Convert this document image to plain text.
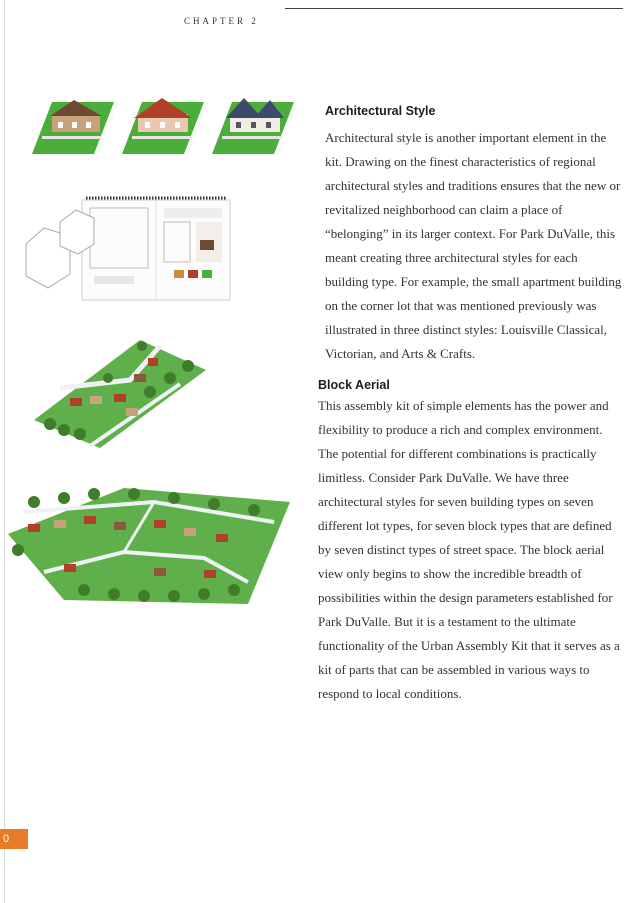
CHAPTER 2
Architectural Style

Architectural style is another important element in the kit. Drawing on the finest characteristics of regional architectural styles and traditions ensures that the new or revitalized neighborhood can claim a place of “belonging” in its larger context. For Park DuValle, this meant creating three architectural styles for each building type. For example, the small apartment building on the corner lot that was mentioned previously was illustrated in three distinct styles: Louisville Classical, Victorian, and Arts & Crafts.

Block Aerial

This assembly kit of simple elements has the power and flexibility to produce a rich and complex environment. The potential for different combinations is practically limitless. Consider Park DuValle. We have three architectural styles for seven building types on seven different lot types, for seven block types that are defined by seven distinct types of street space. The block aerial view only begins to show the incredible breadth of possibilities within the design parameters established for Park DuValle. But it is a testament to the ultimate functionality of the Urban Assembly Kit that it serves as a kit of parts that can be assembled in various ways to respond to local conditions.

0
